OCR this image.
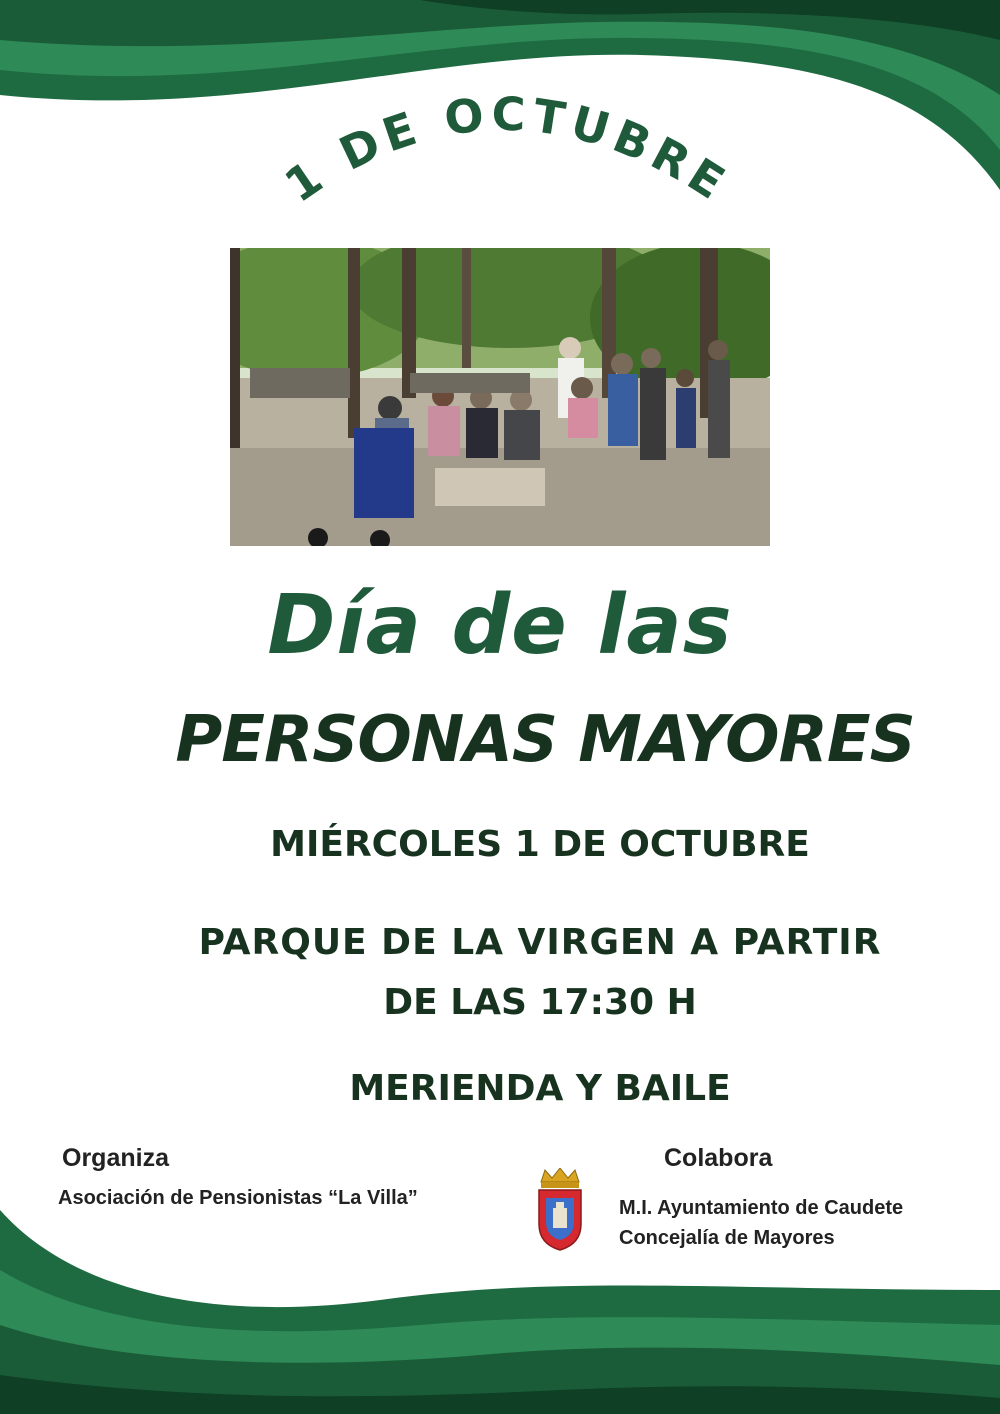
1 DE OCTUBRE
Día de las
PERSONAS MAYORES
MIÉRCOLES 1 DE OCTUBRE
PARQUE DE LA VIRGEN A PARTIR
DE LAS 17:30 H
MERIENDA Y BAILE
Organiza
Asociación de Pensionistas “La Villa”
Colabora
M.I. Ayuntamiento de Caudete
Concejalía de Mayores
